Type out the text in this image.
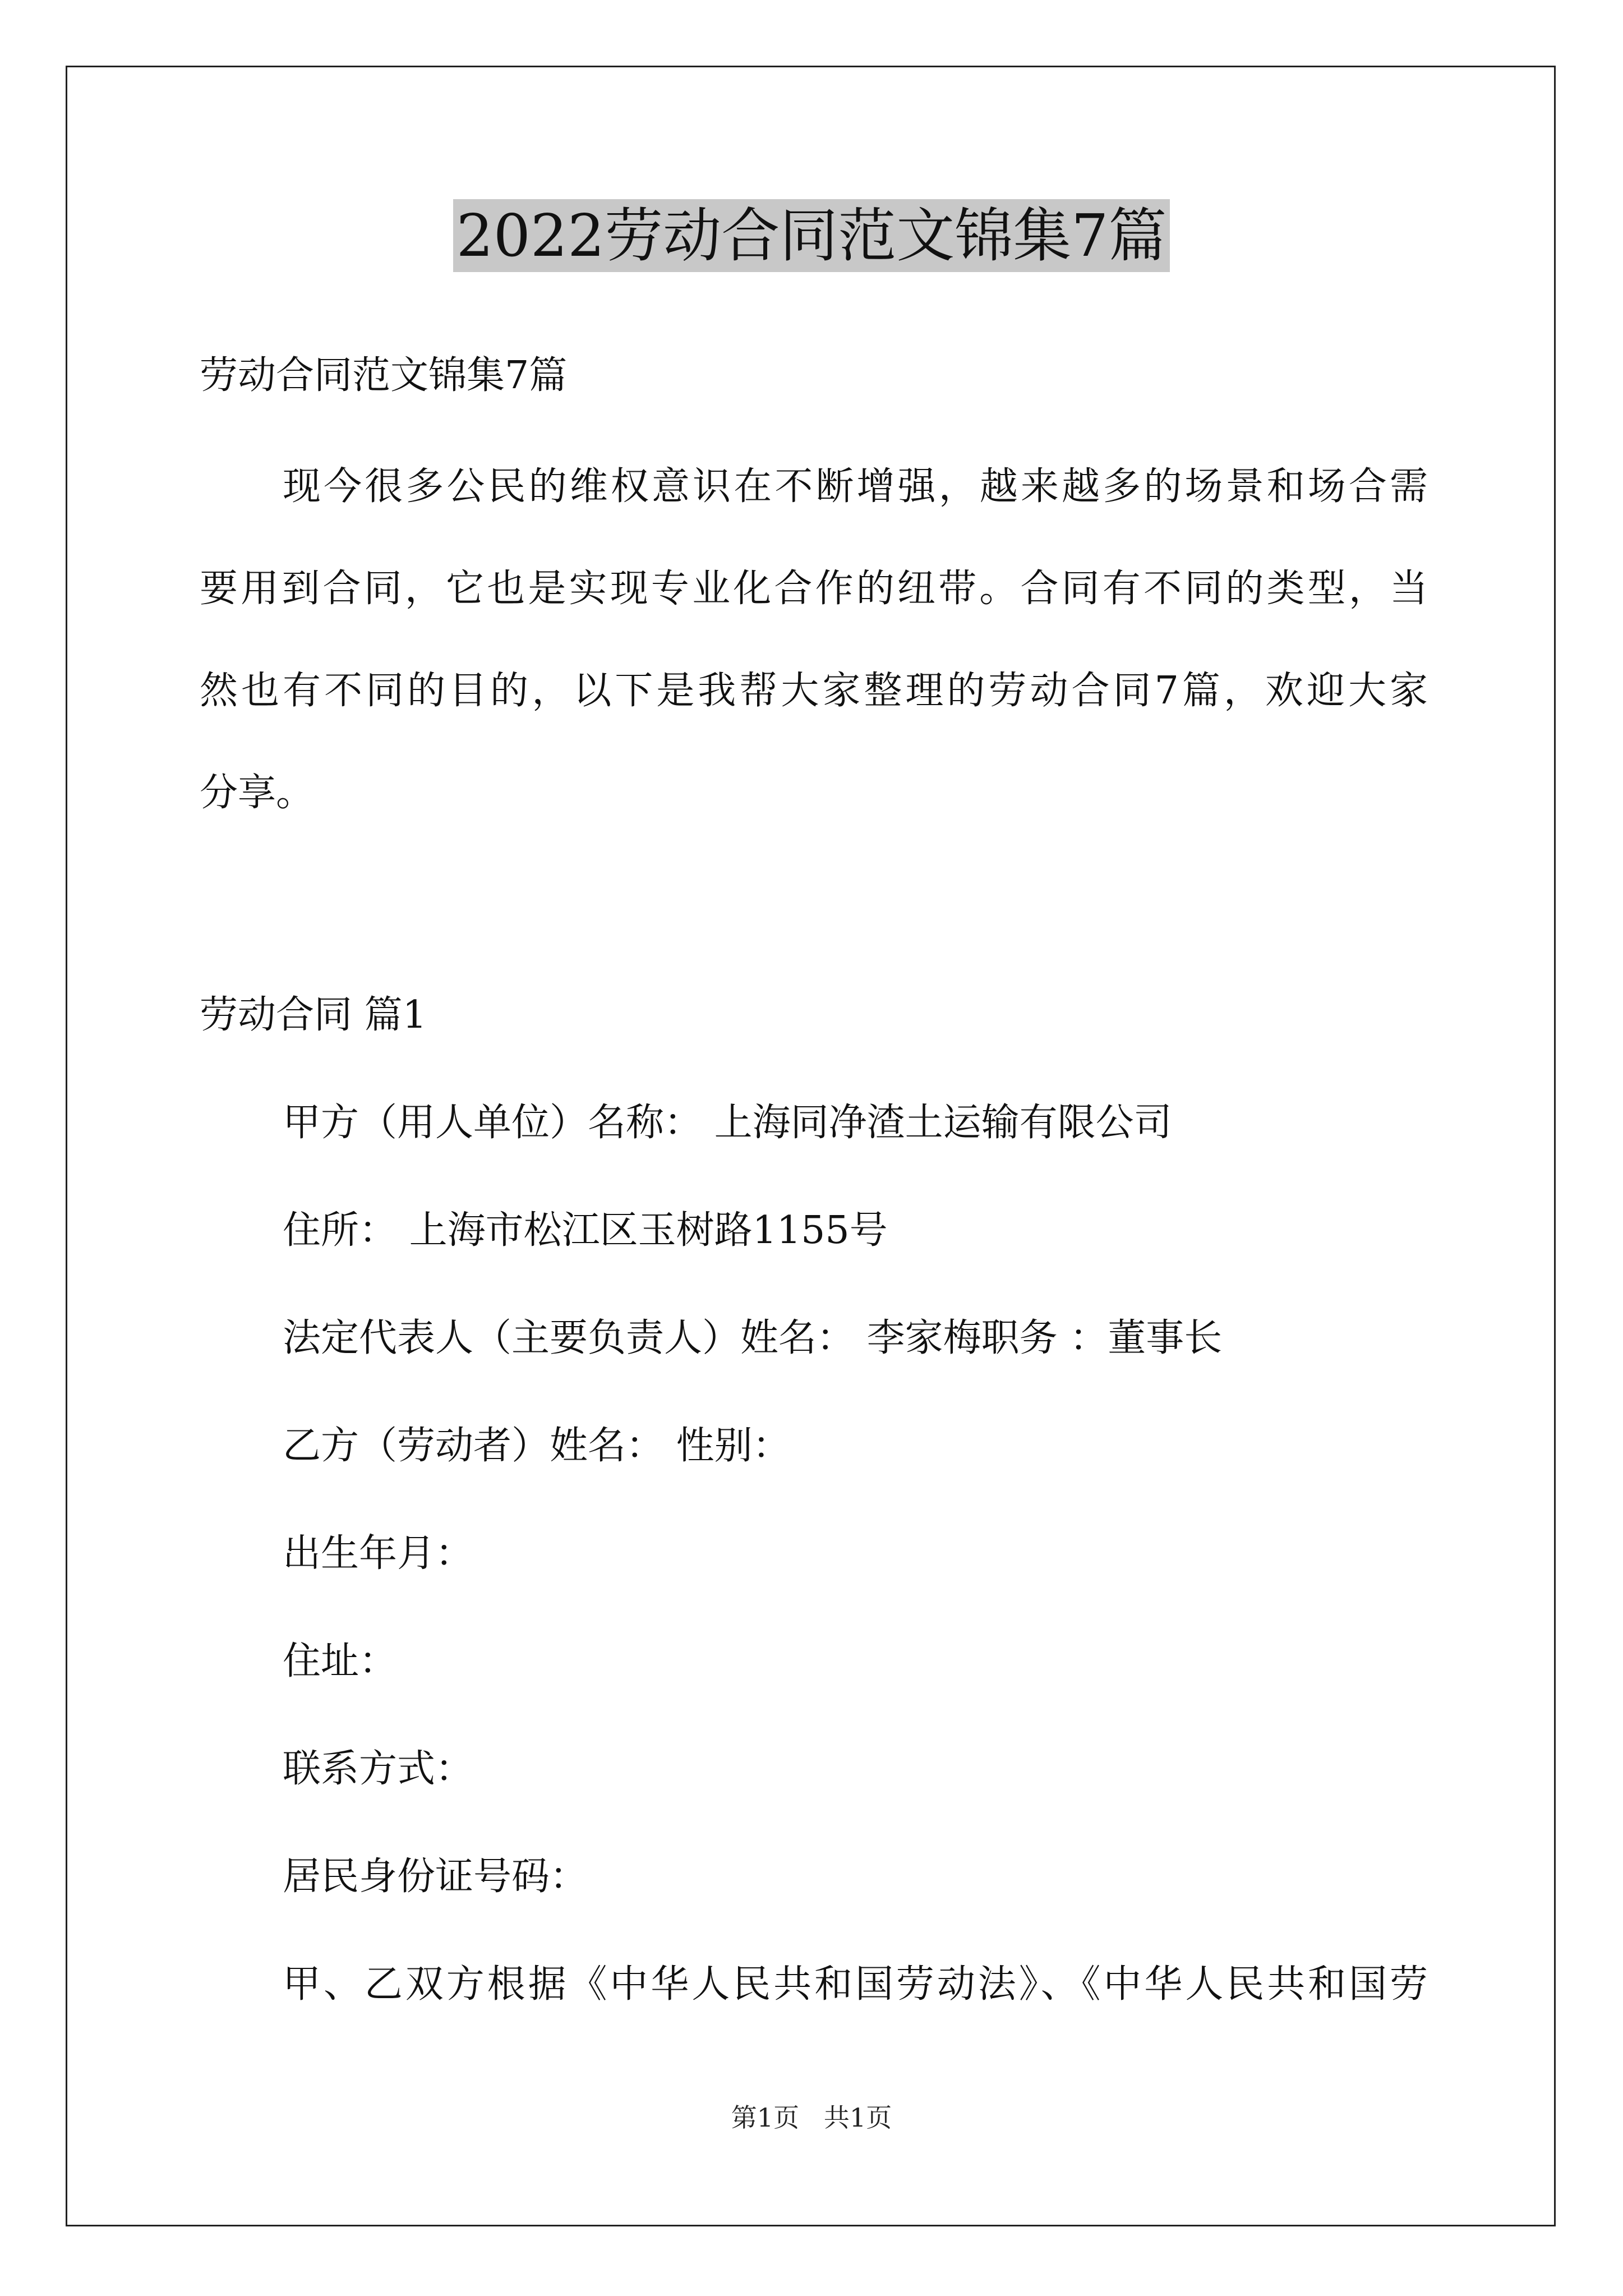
2022劳动合同范文锦集7篇
劳动合同范文锦集7篇
现今很多公民的维权意识在不断增强，越来越多的场景和场合需
要用到合同，它也是实现专业化合作的纽带。合同有不同的类型，当
然也有不同的目的，以下是我帮大家整理的劳动合同7篇，欢迎大家
分享。
劳动合同 篇1
甲方（用人单位）名称： 上海同净渣土运输有限公司
住所： 上海市松江区玉树路1155号
法定代表人（主要负责人）姓名： 李家梅职务 ：董事长
乙方（劳动者）姓名： 性别：
出生年月：
住址：
联系方式：
居民身份证号码：
甲、乙双方根据《中华人民共和国劳动法》、《中华人民共和国劳
第1页   共1页
